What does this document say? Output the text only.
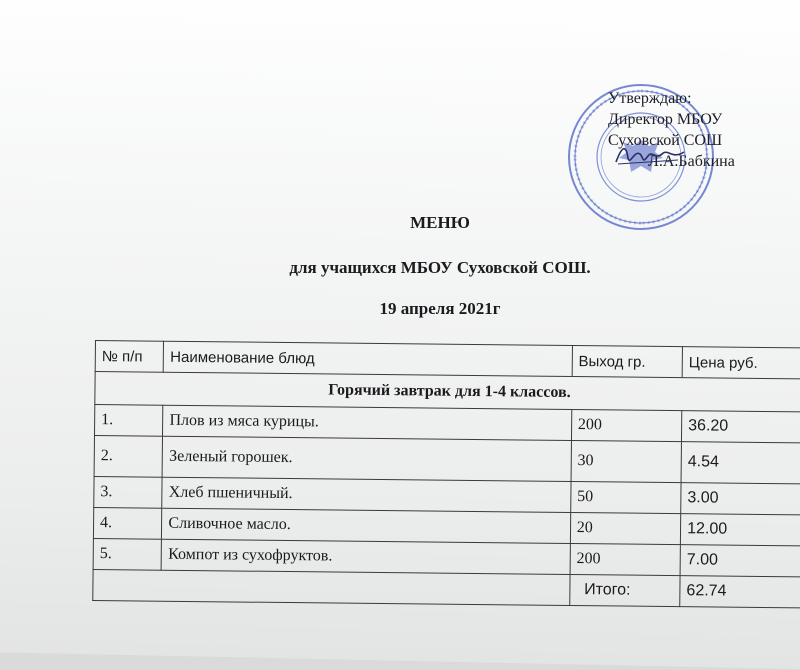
Утверждаю:
Директор МБОУ
Суховской СОШ
Л.А.Бабкина
МЕНЮ
для учащихся МБОУ Суховской СОШ.
19 апреля 2021г
№ п/п	Наименование блюд	Выход гр.	Цена руб.
Горячий завтрак для 1-4 классов.			
1.	Плов из мяса курицы.	200	36.20
2.	Зеленый горошек.	30	4.54
3.	Хлеб пшеничный.	50	3.00
4.	Сливочное масло.	20	12.00
5.	Компот из сухофруктов.	200	7.00
		Итого:	62.74
